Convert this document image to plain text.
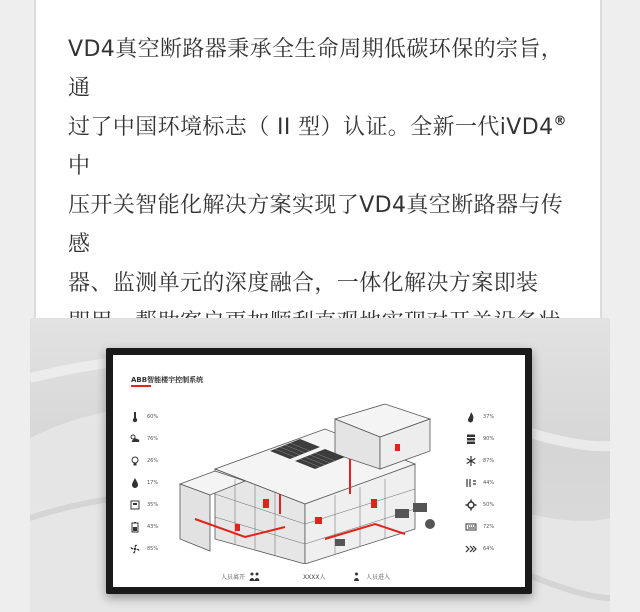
VD4真空断路器秉承全生命周期低碳环保的宗旨，通
过了中国环境标志（ II 型）认证。全新一代iVD4® 中
压开关智能化解决方案实现了VD4真空断路器与传感
器、监测单元的深度融合，一体化解决方案即装
ABB智能楼宇控制系统
60%
76%
26%
17%
35%
43%
85%
37%
90%
87%
44%
50%
72%
64%
人员离开	XXXX人	人员进入
